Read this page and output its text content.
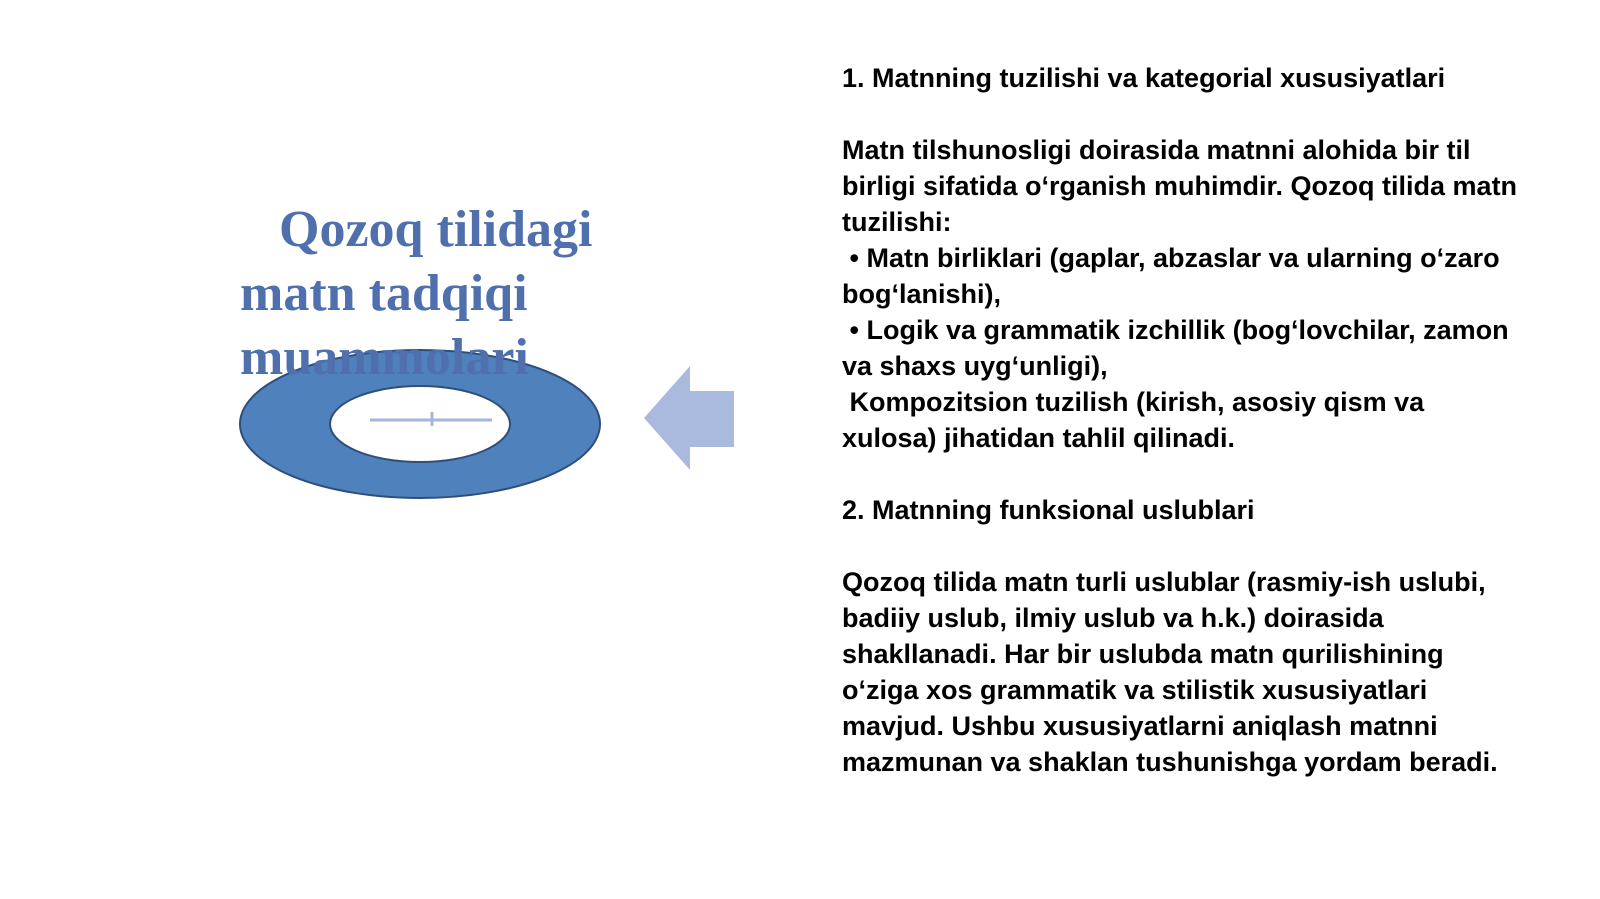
Qozoq tilidagi matn tadqiqi muammolari

1. Matnning tuzilishi va kategorial xususiyatlari

Matn tilshunosligi doirasida matnni alohida bir til birligi sifatida o‘rganish muhimdir. Qozoq tilida matn tuzilishi:

• Matn birliklari (gaplar, abzaslar va ularning o‘zaro bog‘lanishi),

• Logik va grammatik izchillik (bog‘lovchilar, zamon va shaxs uyg‘unligi),

Kompozitsion tuzilish (kirish, asosiy qism va xulosa) jihatidan tahlil qilinadi.

2. Matnning funksional uslublari

Qozoq tilida matn turli uslublar (rasmiy-ish uslubi, badiiy uslub, ilmiy uslub va h.k.) doirasida shakllanadi. Har bir uslubda matn qurilishining o‘ziga xos grammatik va stilistik xususiyatlari mavjud. Ushbu xususiyatlarni aniqlash matnni mazmunan va shaklan tushunishga yordam beradi.
